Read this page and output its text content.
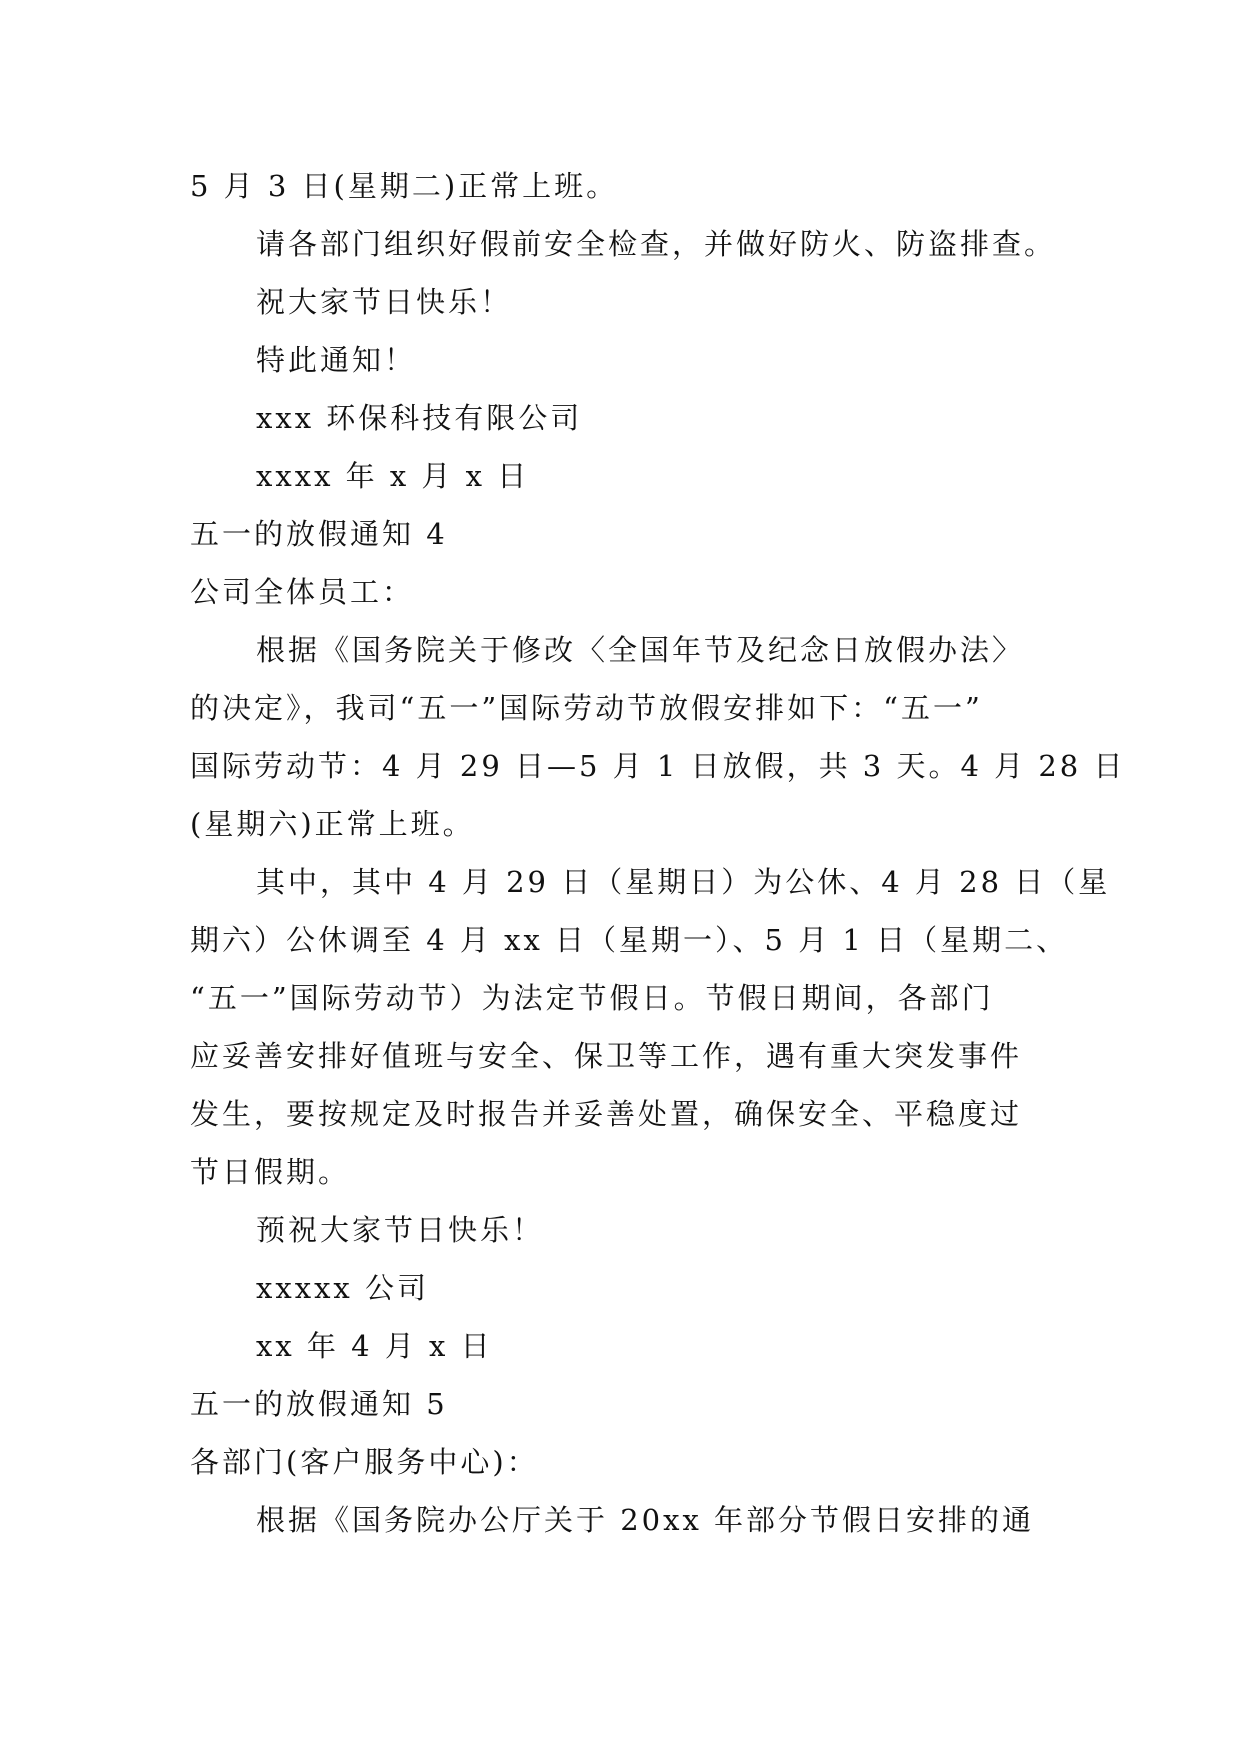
5 月 3 日(星期二)正常上班。
请各部门组织好假前安全检查，并做好防火、防盗排查。
祝大家节日快乐！
特此通知！
xxx 环保科技有限公司
xxxx 年 x 月 x 日
五一的放假通知 4
公司全体员工：
根据《国务院关于修改〈全国年节及纪念日放假办法〉
的决定》，我司“五一”国际劳动节放假安排如下：“五一”
国际劳动节：4 月 29 日—5 月 1 日放假，共 3 天。4 月 28 日
(星期六)正常上班。
其中，其中 4 月 29 日（星期日）为公休、4 月 28 日（星
期六）公休调至 4 月 xx 日（星期一）、5 月 1 日（星期二、
“五一”国际劳动节）为法定节假日。节假日期间，各部门
应妥善安排好值班与安全、保卫等工作，遇有重大突发事件
发生，要按规定及时报告并妥善处置，确保安全、平稳度过
节日假期。
预祝大家节日快乐！
xxxxx 公司
xx 年 4 月 x 日
五一的放假通知 5
各部门(客户服务中心)：
根据《国务院办公厅关于 20xx 年部分节假日安排的通
